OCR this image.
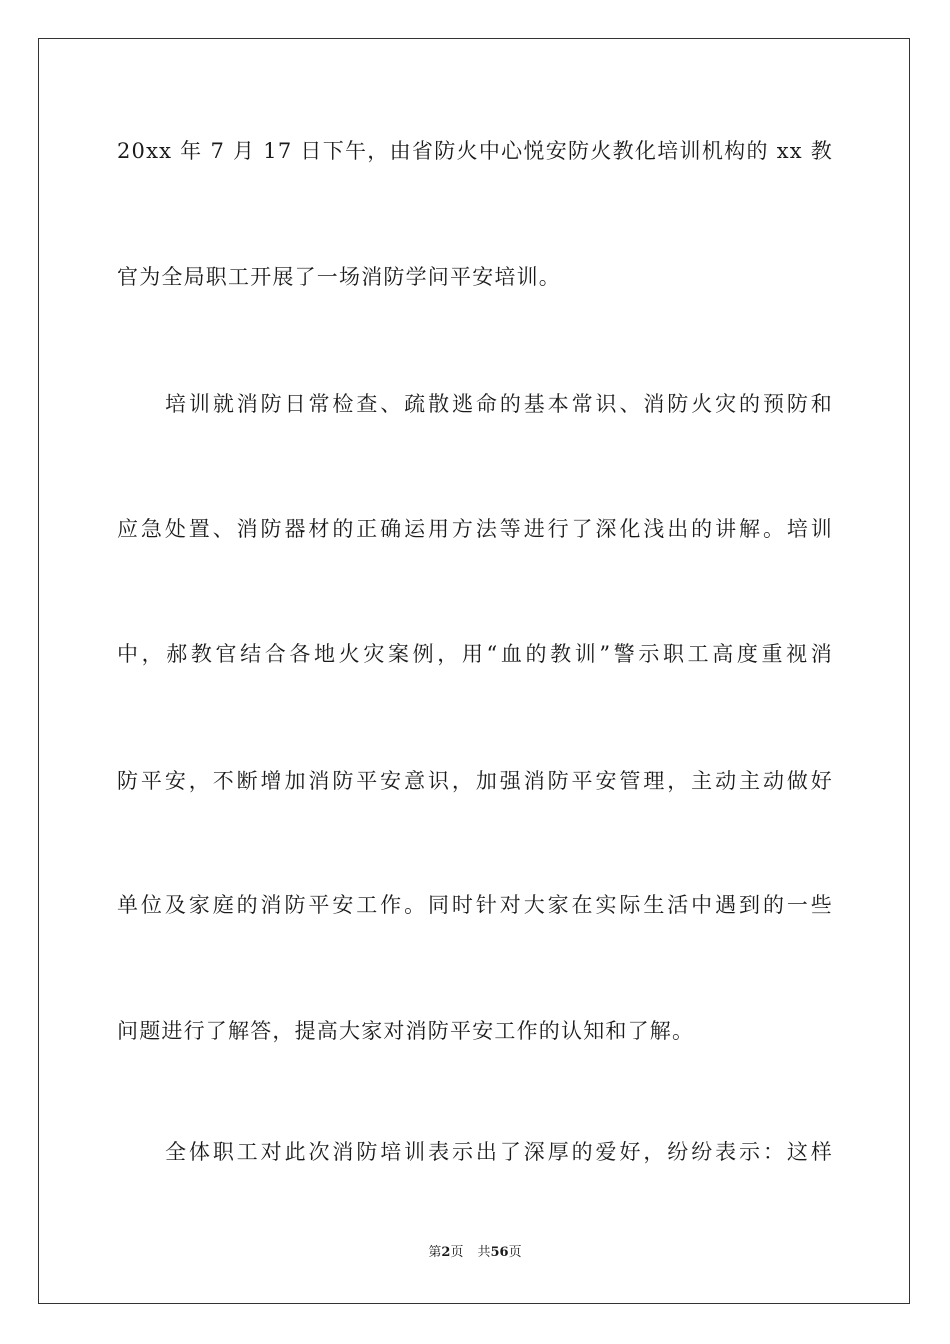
20xx 年 7 月 17 日下午，由省防火中心悦安防火教化培训机构的 xx 教
官为全局职工开展了一场消防学问平安培训。
培训就消防日常检查、疏散逃命的基本常识、消防火灾的预防和
应急处置、消防器材的正确运用方法等进行了深化浅出的讲解。培训
中，郝教官结合各地火灾案例，用“血的教训”警示职工高度重视消
防平安，不断增加消防平安意识，加强消防平安管理，主动主动做好
单位及家庭的消防平安工作。同时针对大家在实际生活中遇到的一些
问题进行了解答，提高大家对消防平安工作的认知和了解。
全体职工对此次消防培训表示出了深厚的爱好，纷纷表示：这样
第2页 共56页
